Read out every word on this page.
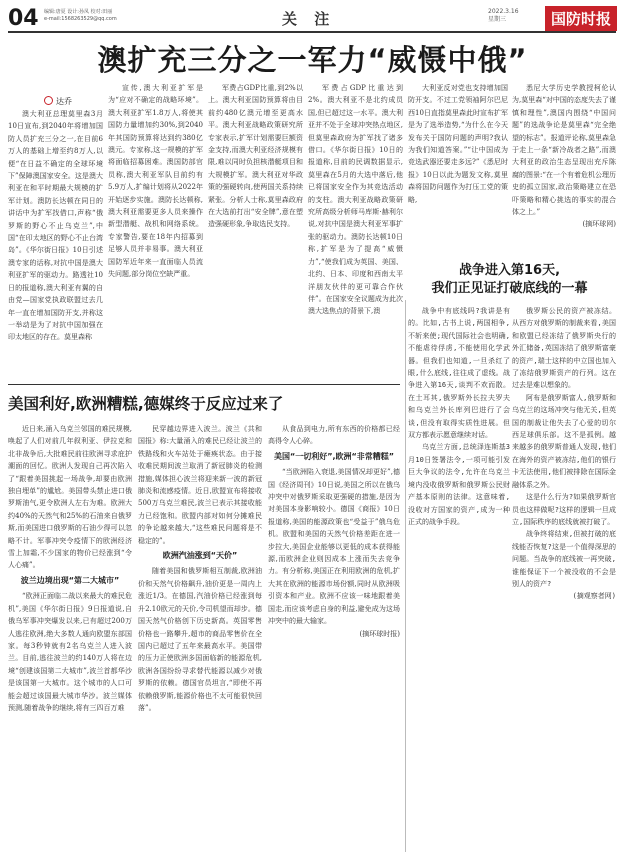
04 编辑:唐夏 设计:孙凤 校对:田丽
e-mail:1568263529@qq.com	关 注	2022.3.16
星期三	国防时报
澳扩充三分之一军力“威慑中俄”
达乔

澳大利亚总理莫里森3月10日宣布,到2040年将增加国防人员扩充三分之一,在目前6万人的基础上增至约8万人,以便“在日益不确定的全球环境下”保障澳国家安全。这是澳大利亚在和平时期最大规模的扩军计划。澳防长达顿在同日的讲话中为扩军找借口,声称“俄罗斯的野心不止乌克兰”,中国“在印太地区的野心不止台湾岛”。《华尔街日报》10日引述澳专家的话称,对抗中国是澳大利亚扩军的驱动力。路透社10日的报道称,澳大利亚有翼的自由党—国家党执政联盟过去几年一直在增加国防开支,并称这一举动是为了对抗中国加强在印太地区的存在。莫里森称

宣传,澳大利亚扩军是为“应对不确定的战略环境”。澳大利亚扩军1.8万人,将使其国防力量增加约30%,到2040年其国防预算将达到约380亿澳元。专家称,这一规模的扩军将面临招募困难。澳国防部官员称,澳大利亚军队目前约有5.9万人,扩编计划将从2022年开始逐步实施。澳防长达顿称,澳大利亚需要更多人员来操作新型潜艇、战机和网络系统。专家警告,要在18年内招募到足够人员并非易事。澳大利亚国防军近年来一直面临人员流失问题,部分岗位空缺严重。

军费占GDP比重,到2%以上。澳大利亚国防预算将由目前约480亿澳元增至更高水平。澳大利亚战略政策研究所专家表示,扩军计划需要巨额资金支持,而澳大利亚经济规模有限,难以同时负担核潜艇项目和大规模扩军。澳大利亚对华政策的强硬转向,使两国关系持续紧张。分析人士称,莫里森政府在大选前打出“安全牌”,意在塑造强硬形象,争取选民支持。

军费占GDP比重达到2%。澳大利亚不是北约成员国,但已超过这一水平。澳大利亚并不处于全球冲突热点地区,但莫里森政府为扩军找了诸多借口。《华尔街日报》10日的报道称,目前的民调数据显示,莫里森在5月的大选中落后,他已将国家安全作为其竞选活动的支柱。澳大利亚战略政策研究所高级分析师马库斯·赫利尔说,对抗中国是澳大利亚军事扩张的驱动力。澳防长达顿10日称,扩军是为了提高“威慑力”,“使我们成为英国、美国、北约、日本、印度和西南太平洋朋友伙伴的更可靠合作伙伴”。在国家安全议题成为此次澳大选焦点的背景下,澳

大利亚反对党也支持增加国防开支。不过工党领袖阿尔巴尼西10日直指莫里森此时宣布扩军是为了选举造势,“为什么在今天发布关于国防问题的声明?我认为我们知道答案。”“让中国成为竞选武器还要走多远?”《悉尼时报》10日以此为题发文称,莫里森将国防问题作为打压工党的策略,

悉尼大学历史学教授柯伦认为,莫里森“对中国的态度失去了谨慎和理性”,澳国内围绕“中国问题”的选战争论是莫里森“完全绝望的标志”。报道评论称,莫里森急于走上一条“新冷战者之路”,而澳大利亚的政治生态呈现出充斥陈腐的图景:“在一个有着危机公理历史的孤立国家,政治策略建立在恐吓策略和精心挑选的事实的混合体之上。”

(摘环球网)
战争进入第16天,
我们正见证打破底线的一幕

战争中有底线吗?我讲是有的。比如,古书上说,两国相争,不斩来使;现代国际社会也明确,不能虐待俘虏,不能使用化学武器。但我们也知道,一旦杀红了眼,什么底线,往往成了虚线。战争进入第16天,谈判不欢而散。在土耳其,俄罗斯外长拉夫罗夫和乌克兰外长库列巴进行了会谈,但没有取得实质性进展。但双方都表示愿意继续对话。

乌克兰方面,总统泽连斯基3月10日签署法令,一项可能引发巨大争议的法令,允许在乌克兰境内没收俄罗斯和俄罗斯公民财产基本原则的法律。这意味着,没收对方国家的资产,成为一种正式的战争手段。

俄罗斯公民的资产被冻结。从西方对俄罗斯的制裁来看,美国和欧盟已经冻结了俄罗斯央行的外汇储备,英国冻结了俄罗斯富豪的资产,瑞士这样的中立国也加入了冻结俄罗斯资产的行列。这在过去是难以想象的。

阿布是俄罗斯富人,俄罗斯和乌克兰的这场冲突与他无关,但英国的制裁让他失去了心爱的切尔西足球俱乐部。这不是孤例。越来越多的俄罗斯普通人发现,他们在海外的资产被冻结,他们的银行卡无法使用,他们被排除在国际金融体系之外。

这是什么行为?如果俄罗斯官员也这样做呢?这样的逻辑一旦成立,国际秩序的底线就被打破了。

战争终将结束,但被打破的底线能否恢复?这是一个值得深思的问题。当战争的底线被一再突破,谁能保证下一个被没收的不会是别人的资产?

(摘观察者网)
美国利好,欧洲糟糕,德媒终于反应过来了

近日来,涌入乌克兰邻国的难民规模,唤起了人们对前几年叙利亚、伊拉克和北非战争后,大批难民前往欧洲寻求庇护潮面的回忆。欧洲人发现自己再次陷入了“跟着美国挑起一场战争,却要由欧洲独自埋单”的尴尬。美国带头禁止进口俄罗斯油气,更令欧洲人左右为难。欧洲大约40%的天然气和25%的石油来自俄罗斯,而美国进口俄罗斯的石油少得可以忽略不计。军事冲突令疫情下的欧洲经济雪上加霜,不少国家的物价已经涨到“令人心痛”。

波兰边境出现“第二大城市”

“欧洲正面临二战以来最大的难民危机”,美国《华尔街日报》9日报道说,自俄乌军事冲突爆发以来,已有超过200万人逃往欧洲,绝大多数人通向欧盟东部国家。每3秒钟就有2名乌克兰人进入波兰。目前,逃往波兰的约140万人将在边境“创建该国第二大城市”,波兰首都华沙是该国第一大城市。这个城市的人口可能会超过该国最大城市华沙。波兰媒体预测,随着战争的继续,将有三四百万难

民穿越边界进入波兰。波兰《共和国报》称:大量涌入的难民已经让波兰的铁路线和火车站处于瘫痪状态。由于接收难民期间波兰取消了新冠肺炎的检测措施,媒体担心波兰将迎来新一波的新冠肺炎和流感疫情。近日,欧盟宣布将接收500万乌克兰难民,波兰已表示其接收能力已经饱和。欧盟内部对如何分摊难民的争论越来越大,“这些难民问题将是不稳定的”。

欧洲汽油涨到“天价”

随着美国和俄罗斯相互制裁,欧洲油价和天然气价格飙升,油价更是一周内上涨近1/3。在德国,汽油价格已经涨到每升2.10欧元的天价,令司机望而却步。德国天然气价格创下历史新高。英国零售价格也一路攀升,超市的商品零售价在全国内已超过了五年来最高水平。美国带的压力正使欧洲多国面临新的能源危机,欧洲各国纷纷寻求替代能源以减少对俄罗斯的依赖。德国官员坦言,“即使不再依赖俄罗斯,能源价格也不太可能很快回落”。

从食品到电力,所有东西的价格都已经高得令人心碎。

美国“一切利好”,欧洲“非常糟糕”

“当欧洲陷入衰退,美国情况却更好”,德国《经济周刊》10日说,美国之所以在俄乌冲突中对俄罗斯采取更强硬的措施,是因为对美国本身影响较小。德国《商报》10日报道称,美国的能源政策也“受益于”俄乌危机。欧盟和美国的天然气价格差距在进一步拉大,美国企业能够以更低的成本获得能源,而欧洲企业则因成本上涨而失去竞争力。有分析称,美国正在利用欧洲的危机,扩大其在欧洲的能源市场份额,同时从欧洲吸引资本和产业。欧洲不应该一味地跟着美国走,而应该考虑自身的利益,避免成为这场冲突中的最大输家。

(摘环球时报)
